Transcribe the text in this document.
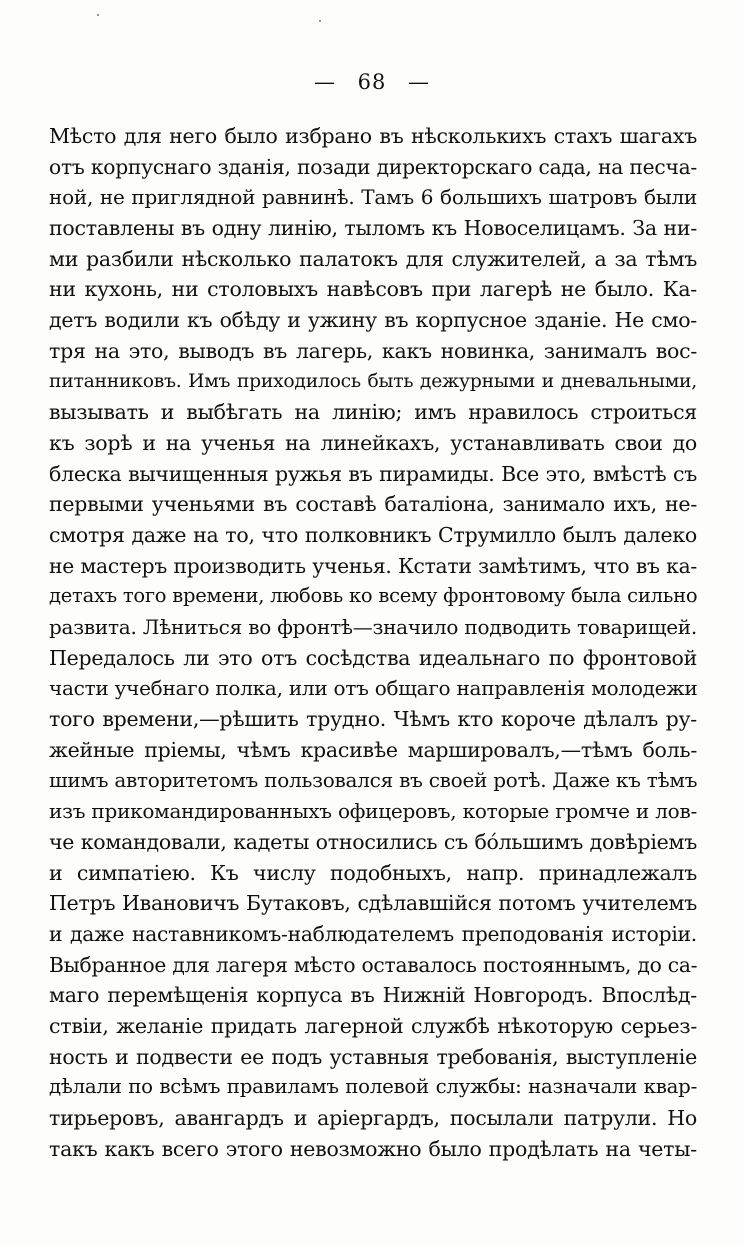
— 68 —
Мѣсто для него было избрано въ нѣсколькихъ стахъ шагахъ
отъ корпуснаго зданія, позади директорскаго сада, на песча-
ной, не приглядной равнинѣ. Тамъ 6 большихъ шатровъ были
поставлены въ одну линію, тыломъ къ Новоселицамъ. За ни-
ми разбили нѣсколько палатокъ для служителей, а за тѣмъ
ни кухонь, ни столовыхъ навѣсовъ при лагерѣ не было. Ка-
детъ водили къ обѣду и ужину въ корпусное зданіе. Не смо-
тря на это, выводъ въ лагерь, какъ новинка, занималъ вос-
питанниковъ. Имъ приходилось быть дежурными и дневальными,
вызывать и выбѣгать на линію; имъ нравилось строиться
къ зорѣ и на ученья на линейкахъ, устанавливать свои до
блеска вычищенныя ружья въ пирамиды. Все это, вмѣстѣ съ
первыми ученьями въ составѣ баталіона, занимало ихъ, не-
смотря даже на то, что полковникъ Струмилло былъ далеко
не мастеръ производить ученья. Кстати замѣтимъ, что въ ка-
детахъ того времени, любовь ко всему фронтовому была сильно
развита. Лѣниться во фронтѣ—значило подводить товарищей.
Передалось ли это отъ сосѣдства идеальнаго по фронтовой
части учебнаго полка, или отъ общаго направленія молодежи
того времени,—рѣшить трудно. Чѣмъ кто короче дѣлалъ ру-
жейные пріемы, чѣмъ красивѣе маршировалъ,—тѣмъ боль-
шимъ авторитетомъ пользовался въ своей ротѣ. Даже къ тѣмъ
изъ прикомандированныхъ офицеровъ, которые громче и лов-
че командовали, кадеты относились съ бо́льшимъ довѣріемъ
и симпатіею. Къ числу подобныхъ, напр. принадлежалъ
Петръ Ивановичъ Бутаковъ, сдѣлавшійся потомъ учителемъ
и даже наставникомъ-наблюдателемъ преподованія исторіи.
Выбранное для лагеря мѣсто оставалось постояннымъ, до са-
маго перемѣщенія корпуса въ Нижній Новгородъ. Впослѣд-
ствіи, желаніе придать лагерной службѣ нѣкоторую серьез-
ность и подвести ее подъ уставныя требованія, выступленіе
дѣлали по всѣмъ правиламъ полевой службы: назначали квар-
тирьеровъ, авангардъ и аріергардъ, посылали патрули. Но
такъ какъ всего этого невозможно было продѣлать на четы-
